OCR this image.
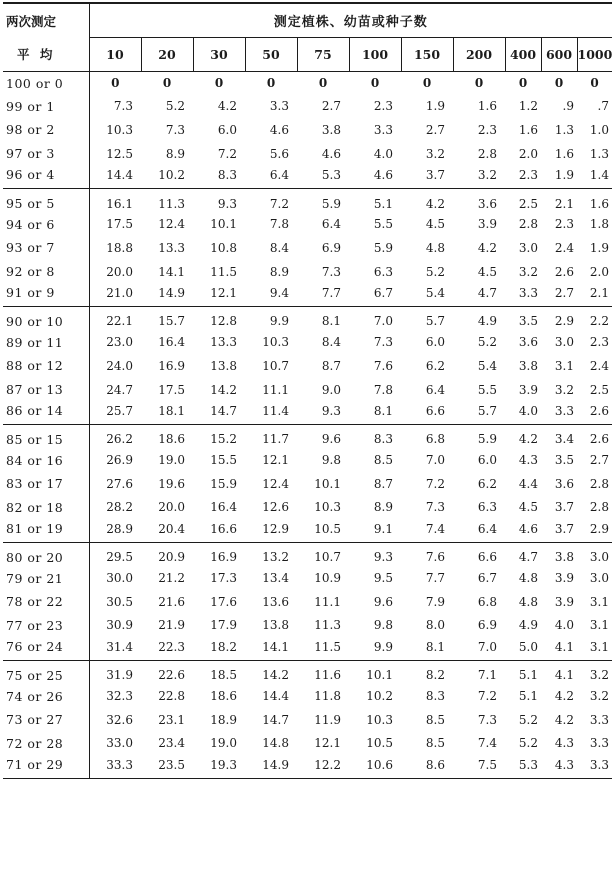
两次测定	测定植株、幼苗或种子数										
平 均	10	20	30	50	75	100	150	200	400	600	1000
100 or 0	0	0	0	0	0	0	0	0	0	0	0
99 or 1	7.3	5.2	4.2	3.3	2.7	2.3	1.9	1.6	1.2	.9	.7
98 or 2	10.3	7.3	6.0	4.6	3.8	3.3	2.7	2.3	1.6	1.3	1.0
97 or 3	12.5	8.9	7.2	5.6	4.6	4.0	3.2	2.8	2.0	1.6	1.3
96 or 4	14.4	10.2	8.3	6.4	5.3	4.6	3.7	3.2	2.3	1.9	1.4
95 or 5	16.1	11.3	9.3	7.2	5.9	5.1	4.2	3.6	2.5	2.1	1.6
94 or 6	17.5	12.4	10.1	7.8	6.4	5.5	4.5	3.9	2.8	2.3	1.8
93 or 7	18.8	13.3	10.8	8.4	6.9	5.9	4.8	4.2	3.0	2.4	1.9
92 or 8	20.0	14.1	11.5	8.9	7.3	6.3	5.2	4.5	3.2	2.6	2.0
91 or 9	21.0	14.9	12.1	9.4	7.7	6.7	5.4	4.7	3.3	2.7	2.1
90 or 10	22.1	15.7	12.8	9.9	8.1	7.0	5.7	4.9	3.5	2.9	2.2
89 or 11	23.0	16.4	13.3	10.3	8.4	7.3	6.0	5.2	3.6	3.0	2.3
88 or 12	24.0	16.9	13.8	10.7	8.7	7.6	6.2	5.4	3.8	3.1	2.4
87 or 13	24.7	17.5	14.2	11.1	9.0	7.8	6.4	5.5	3.9	3.2	2.5
86 or 14	25.7	18.1	14.7	11.4	9.3	8.1	6.6	5.7	4.0	3.3	2.6
85 or 15	26.2	18.6	15.2	11.7	9.6	8.3	6.8	5.9	4.2	3.4	2.6
84 or 16	26.9	19.0	15.5	12.1	9.8	8.5	7.0	6.0	4.3	3.5	2.7
83 or 17	27.6	19.6	15.9	12.4	10.1	8.7	7.2	6.2	4.4	3.6	2.8
82 or 18	28.2	20.0	16.4	12.6	10.3	8.9	7.3	6.3	4.5	3.7	2.8
81 or 19	28.9	20.4	16.6	12.9	10.5	9.1	7.4	6.4	4.6	3.7	2.9
80 or 20	29.5	20.9	16.9	13.2	10.7	9.3	7.6	6.6	4.7	3.8	3.0
79 or 21	30.0	21.2	17.3	13.4	10.9	9.5	7.7	6.7	4.8	3.9	3.0
78 or 22	30.5	21.6	17.6	13.6	11.1	9.6	7.9	6.8	4.8	3.9	3.1
77 or 23	30.9	21.9	17.9	13.8	11.3	9.8	8.0	6.9	4.9	4.0	3.1
76 or 24	31.4	22.3	18.2	14.1	11.5	9.9	8.1	7.0	5.0	4.1	3.1
75 or 25	31.9	22.6	18.5	14.2	11.6	10.1	8.2	7.1	5.1	4.1	3.2
74 or 26	32.3	22.8	18.6	14.4	11.8	10.2	8.3	7.2	5.1	4.2	3.2
73 or 27	32.6	23.1	18.9	14.7	11.9	10.3	8.5	7.3	5.2	4.2	3.3
72 or 28	33.0	23.4	19.0	14.8	12.1	10.5	8.5	7.4	5.2	4.3	3.3
71 or 29	33.3	23.5	19.3	14.9	12.2	10.6	8.6	7.5	5.3	4.3	3.3
